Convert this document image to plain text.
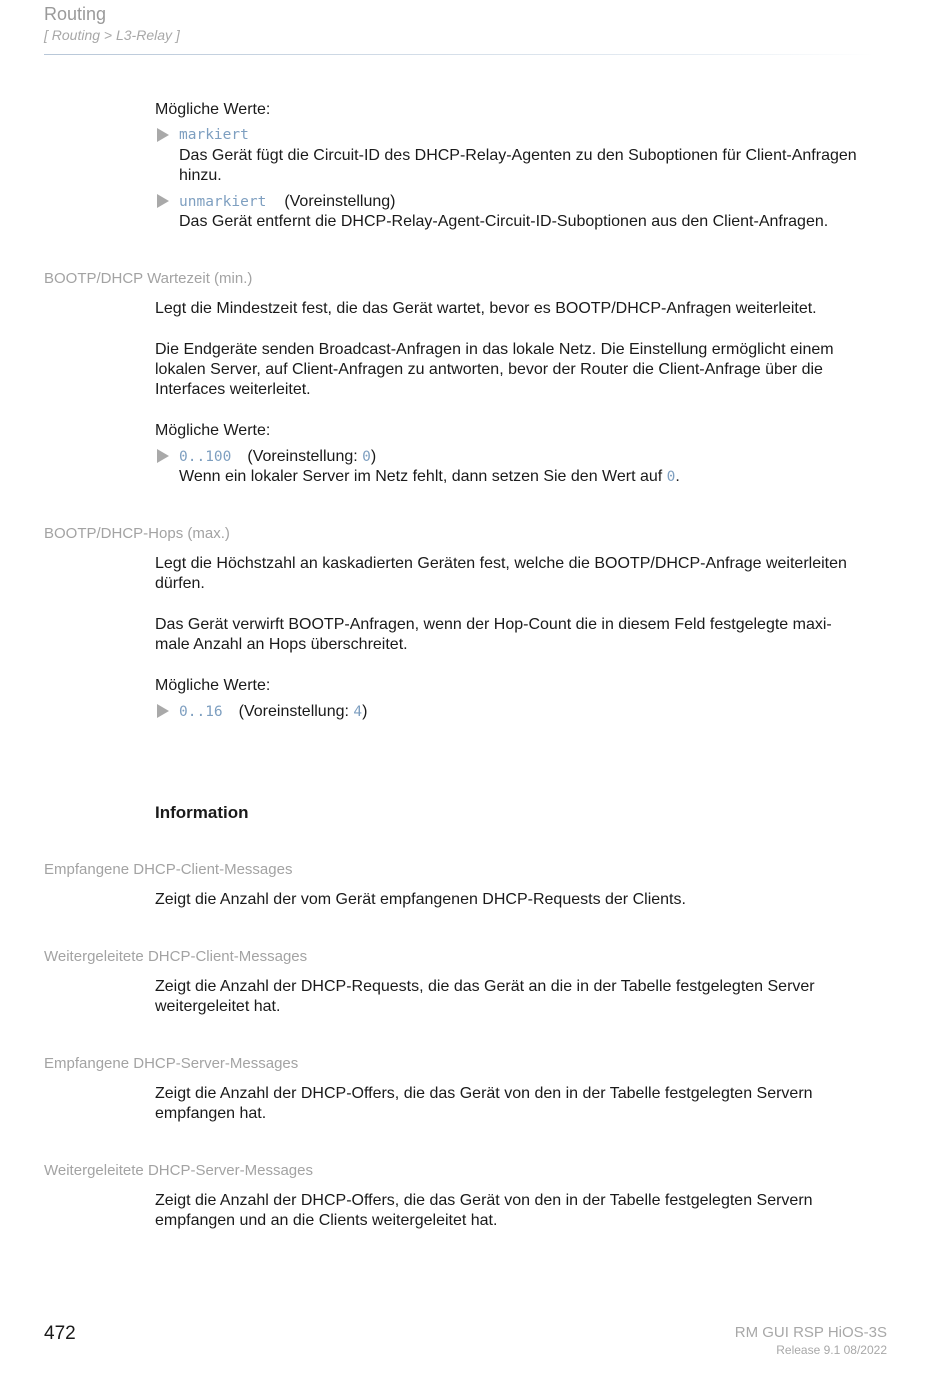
Routing
[ Routing > L3-Relay ]
Mögliche Werte:
markiert
Das Gerät fügt die Circuit-ID des DHCP-Relay-Agenten zu den Suboptionen für Client-Anfragen
hinzu.
unmarkiert (Voreinstellung)
Das Gerät entfernt die DHCP-Relay-Agent-Circuit-ID-Suboptionen aus den Client-Anfragen.
BOOTP/DHCP Wartezeit (min.)
Legt die Mindestzeit fest, die das Gerät wartet, bevor es BOOTP/DHCP-Anfragen weiterleitet.
Die Endgeräte senden Broadcast-Anfragen in das lokale Netz. Die Einstellung ermöglicht einem
lokalen Server, auf Client-Anfragen zu antworten, bevor der Router die Client-Anfrage über die
Interfaces weiterleitet.
Mögliche Werte:
0..100 (Voreinstellung: 0)
Wenn ein lokaler Server im Netz fehlt, dann setzen Sie den Wert auf 0.
BOOTP/DHCP-Hops (max.)
Legt die Höchstzahl an kaskadierten Geräten fest, welche die BOOTP/DHCP-Anfrage weiterleiten
dürfen.
Das Gerät verwirft BOOTP-Anfragen, wenn der Hop-Count die in diesem Feld festgelegte maxi-
male Anzahl an Hops überschreitet.
Mögliche Werte:
0..16 (Voreinstellung: 4)
Information
Empfangene DHCP-Client-Messages
Zeigt die Anzahl der vom Gerät empfangenen DHCP-Requests der Clients.
Weitergeleitete DHCP-Client-Messages
Zeigt die Anzahl der DHCP-Requests, die das Gerät an die in der Tabelle festgelegten Server
weitergeleitet hat.
Empfangene DHCP-Server-Messages
Zeigt die Anzahl der DHCP-Offers, die das Gerät von den in der Tabelle festgelegten Servern
empfangen hat.
Weitergeleitete DHCP-Server-Messages
Zeigt die Anzahl der DHCP-Offers, die das Gerät von den in der Tabelle festgelegten Servern
empfangen und an die Clients weitergeleitet hat.
472	RM GUI RSP HiOS-3S
Release 9.1 08/2022
